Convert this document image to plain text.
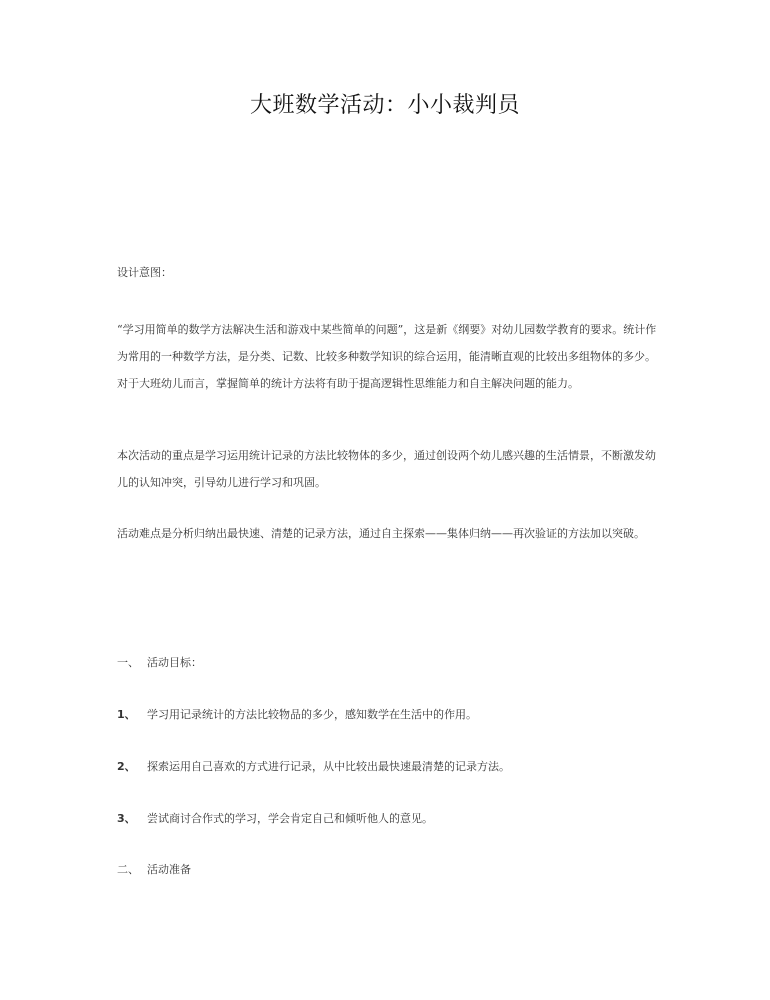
大班数学活动：小小裁判员
设计意图：

“学习用简单的数学方法解决生活和游戏中某些简单的问题”，这是新《纲要》对幼儿园数学教育的要求。统计作为常用的一种数学方法，是分类、记数、比较多种数学知识的综合运用，能清晰直观的比较出多组物体的多少。对于大班幼儿而言，掌握简单的统计方法将有助于提高逻辑性思维能力和自主解决问题的能力。

本次活动的重点是学习运用统计记录的方法比较物体的多少，通过创设两个幼儿感兴趣的生活情景，不断激发幼儿的认知冲突，引导幼儿进行学习和巩固。

活动难点是分析归纳出最快速、清楚的记录方法，通过自主探索——集体归纳——再次验证的方法加以突破。

一、 活动目标：
1、 学习用记录统计的方法比较物品的多少，感知数学在生活中的作用。
2、 探索运用自己喜欢的方式进行记录，从中比较出最快速最清楚的记录方法。
3、 尝试商讨合作式的学习，学会肯定自己和倾听他人的意见。
二、 活动准备
